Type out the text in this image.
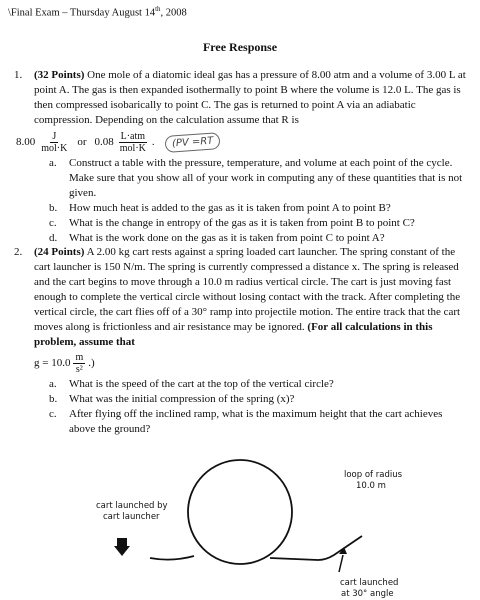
\Final Exam – Thursday August 14th, 2008
Free Response
1.	(32 Points) One mole of a diatomic ideal gas has a pressure of 8.00 atm and a volume of 3.00 L at point A. The gas is then expanded isothermally to point B where the volume is 12.0 L. The gas is then compressed isobarically to point C. The gas is returned to point A via an adiabatic compression. Depending on the calculation assume that R is
$8.00 \frac{J}{\text{mol·K}}$ or $0.08 \frac{\text{L·atm}}{\text{mol·K}}$ .	(PV =RT
a. Construct a table with the pressure, temperature, and volume at each point of the cycle. Make sure that you show all of your work in computing any of these quantities that is not given.
b. How much heat is added to the gas as it is taken from point A to point B?
c. What is the change in entropy of the gas as it is taken from point B to point C?
d. What is the work done on the gas as it is taken from point C to point A?
2.	(24 Points) A 2.00 kg cart rests against a spring loaded cart launcher. The spring constant of the cart launcher is 150 N/m. The spring is currently compressed a distance x. The spring is released and the cart begins to move through a 10.0 m radius vertical circle. The cart is just moving fast enough to complete the vertical circle without losing contact with the track. After completing the vertical circle, the cart flies off of a 30° ramp into projectile motion. The entire track that the cart moves along is frictionless and air resistance may be ignored. (For all calculations in this problem, assume that
$g = 10.0 \frac{m}{\text{s²}}$ .)
a. What is the speed of the cart at the top of the vertical circle?
b. What was the initial compression of the spring (x)?
c. After flying off the inclined ramp, what is the maximum height that the cart achieves above the ground?
loop of radius
10.0 m
cart launched by
cart launcher
cart launched
at 30° angle
